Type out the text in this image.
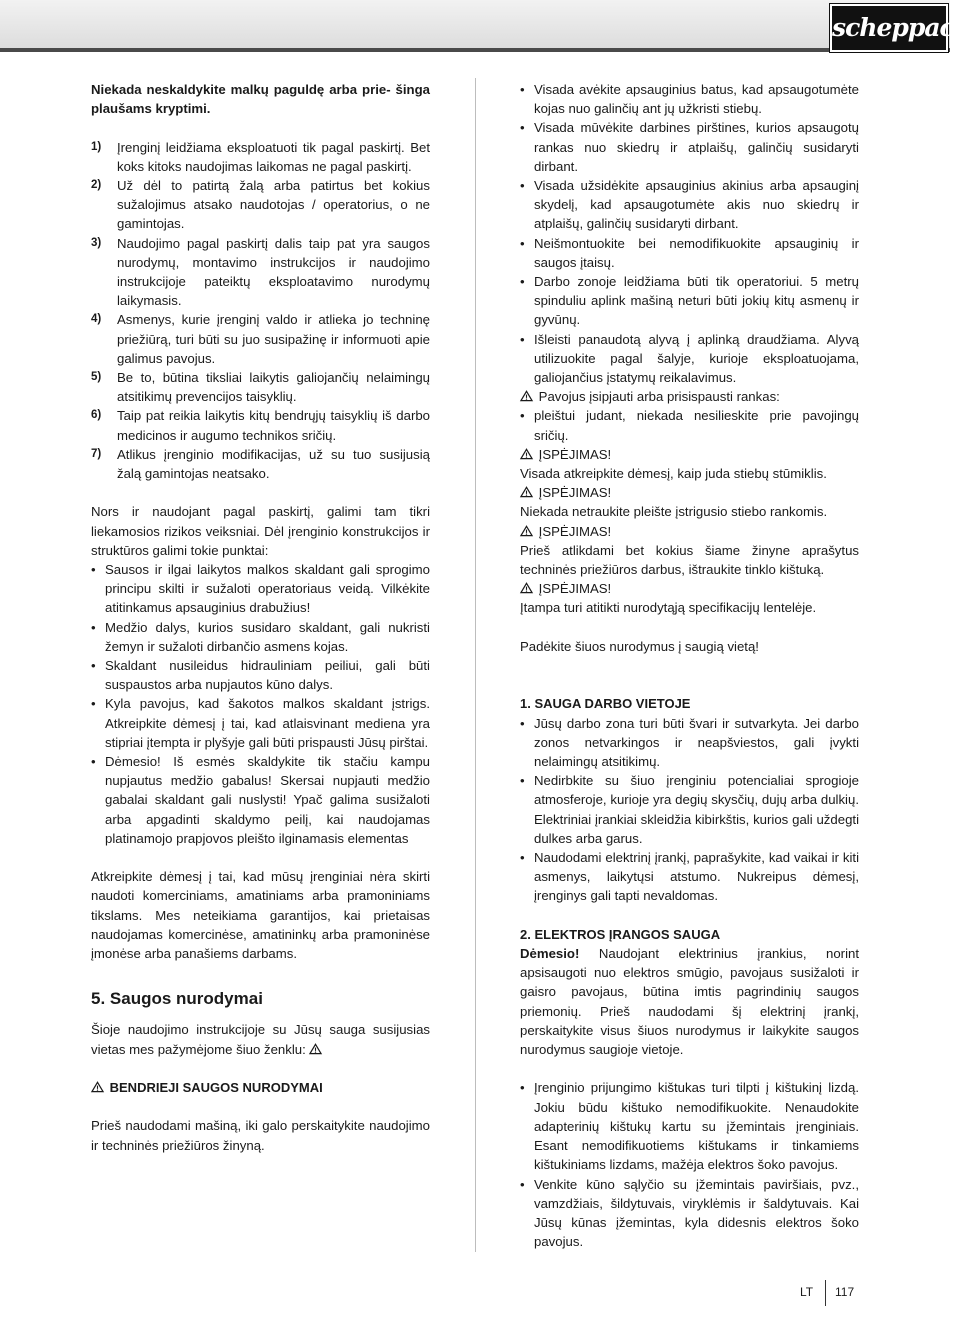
scheppach

Niekada neskaldykite malkų paguldę arba prie- šinga plaušams kryptimi.

1) Įrenginį leidžiama eksploatuoti tik pagal paskirtį. Bet koks kitoks naudojimas laikomas ne pagal paskirtį.
2) Už dėl to patirtą žalą arba patirtus bet kokius sužalojimus atsako naudotojas / operatorius, o ne gamintojas.
3) Naudojimo pagal paskirtį dalis taip pat yra saugos nurodymų, montavimo instrukcijos ir naudojimo instrukcijoje pateiktų eksploatavimo nurodymų laikymasis.
4) Asmenys, kurie įrenginį valdo ir atlieka jo techninę priežiūrą, turi būti su juo susipažinę ir informuoti apie galimus pavojus.
5) Be to, būtina tiksliai laikytis galiojančių nelaimingų atsitikimų prevencijos taisyklių.
6) Taip pat reikia laikytis kitų bendrųjų taisyklių iš darbo medicinos ir augumo technikos sričių.
7) Atlikus įrenginio modifikacijas, už su tuo susijusią žalą gamintojas neatsako.

Nors ir naudojant pagal paskirtį, galimi tam tikri liekamosios rizikos veiksniai. Dėl įrenginio konstrukcijos ir struktūros galimi tokie punktai:

• Sausos ir ilgai laikytos malkos skaldant gali sprogimo principu skilti ir sužaloti operatoriaus veidą. Vilkėkite atitinkamus apsauginius drabužius!
• Medžio dalys, kurios susidaro skaldant, gali nukristi žemyn ir sužaloti dirbančio asmens kojas.
• Skaldant nusileidus hidrauliniam peiliui, gali būti suspaustos arba nupjautos kūno dalys.
• Kyla pavojus, kad šakotos malkos skaldant įstrigs. Atkreipkite dėmesį į tai, kad atlaisvinant mediena yra stipriai įtempta ir plyšyje gali būti prispausti Jūsų pirštai.
• Dėmesio! Iš esmės skaldykite tik stačiu kampu nupjautus medžio gabalus! Skersai nupjauti medžio gabalai skaldant gali nuslysti! Ypač galima susižaloti arba apgadinti skaldymo peilį, kai naudojamas platinamojo prapjovos pleišto ilginamasis elementas

Atkreipkite dėmesį į tai, kad mūsų įrenginiai nėra skirti naudoti komerciniams, amatiniams arba pramoniniams tikslams. Mes neteikiama garantijos, kai prietaisas naudojamas komercinėse, amatininkų arba pramoninėse įmonėse arba panašiems darbams.

5. Saugos nurodymai

Šioje naudojimo instrukcijoje su Jūsų sauga susijusias vietas mes pažymėjome šiuo ženklu:

BENDRIEJI SAUGOS NURODYMAI

Prieš naudodami mašiną, iki galo perskaitykite naudojimo ir techninės priežiūros žinyną.

• Visada avėkite apsauginius batus, kad apsaugotumėte kojas nuo galinčių ant jų užkristi stiebų.
• Visada mūvėkite darbines pirštines, kurios apsaugotų rankas nuo skiedrų ir atplaišų, galinčių susidaryti dirbant.
• Visada užsidėkite apsauginius akinius arba apsauginį skydelį, kad apsaugotumėte akis nuo skiedrų ir atplaišų, galinčių susidaryti dirbant.
• Neišmontuokite bei nemodifikuokite apsauginių ir saugos įtaisų.
• Darbo zonoje leidžiama būti tik operatoriui. 5 metrų spinduliu aplink mašiną neturi būti jokių kitų asmenų ir gyvūnų.
• Išleisti panaudotą alyvą į aplinką draudžiama. Alyvą utilizuokite pagal šalyje, kurioje eksploatuojama, galiojančius įstatymų reikalavimus.

Pavojus įsipjauti arba prisispausti rankas:

• pleištui judant, niekada nesilieskite prie pavojingų sričių.

ĮSPĖJIMAS!

Visada atkreipkite dėmesį, kaip juda stiebų stūmiklis.

ĮSPĖJIMAS!

Niekada netraukite pleište įstrigusio stiebo rankomis.

ĮSPĖJIMAS!

Prieš atlikdami bet kokius šiame žinyne aprašytus techninės priežiūros darbus, ištraukite tinklo kištuką.

ĮSPĖJIMAS!

Įtampa turi atitikti nurodytąją specifikacijų lentelėje.

Padėkite šiuos nurodymus į saugią vietą!

1. SAUGA DARBO VIETOJE

• Jūsų darbo zona turi būti švari ir sutvarkyta. Jei darbo zonos netvarkingos ir neapšviestos, gali įvykti nelaimingų atsitikimų.
• Nedirbkite su šiuo įrenginiu potencialiai sprogioje atmosferoje, kurioje yra degių skysčių, dujų arba dulkių. Elektriniai įrankiai skleidžia kibirkštis, kurios gali uždegti dulkes arba garus.
• Naudodami elektrinį įrankį, paprašykite, kad vaikai ir kiti asmenys, laikytųsi atstumo. Nukreipus dėmesį, įrenginys gali tapti nevaldomas.

2. ELEKTROS ĮRANGOS SAUGA

Dėmesio! Naudojant elektrinius įrankius, norint apsisaugoti nuo elektros smūgio, pavojaus susižaloti ir gaisro pavojaus, būtina imtis pagrindinių saugos priemonių. Prieš naudodami šį elektrinį įrankį, perskaitykite visus šiuos nurodymus ir laikykite saugos nurodymus saugioje vietoje.

• Įrenginio prijungimo kištukas turi tilpti į kištukinį lizdą. Jokiu būdu kištuko nemodifikuokite. Nenaudokite adapterinių kištukų kartu su įžemintais įrenginiais. Esant nemodifikuotiems kištukams ir tinkamiems kištukiniams lizdams, mažėja elektros šoko pavojus.
• Venkite kūno sąlyčio su įžemintais paviršiais, pvz., vamzdžiais, šildytuvais, viryklėmis ir šaldytuvais. Kai Jūsų kūnas įžemintas, kyla didesnis elektros šoko pavojus.
LT 117
